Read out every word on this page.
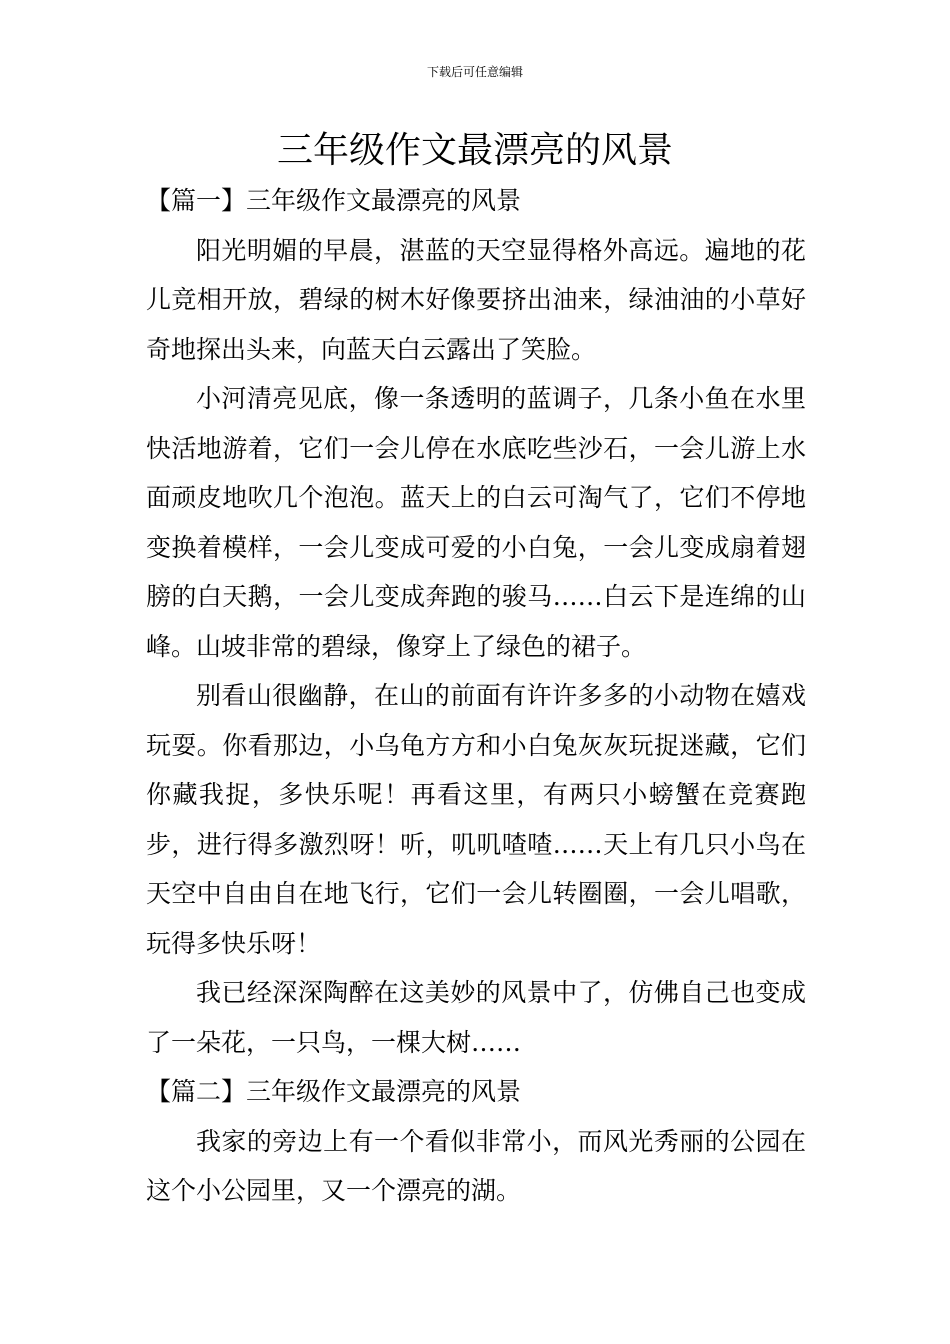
下载后可任意编辑
三年级作文最漂亮的风景

【篇一】三年级作文最漂亮的风景

阳光明媚的早晨，湛蓝的天空显得格外高远。遍地的花儿竞相开放，碧绿的树木好像要挤出油来，绿油油的小草好奇地探出头来，向蓝天白云露出了笑脸。

小河清亮见底，像一条透明的蓝调子，几条小鱼在水里快活地游着，它们一会儿停在水底吃些沙石，一会儿游上水面顽皮地吹几个泡泡。蓝天上的白云可淘气了，它们不停地变换着模样，一会儿变成可爱的小白兔，一会儿变成扇着翅膀的白天鹅，一会儿变成奔跑的骏马……白云下是连绵的山峰。山坡非常的碧绿，像穿上了绿色的裙子。

别看山很幽静，在山的前面有许许多多的小动物在嬉戏玩耍。你看那边，小乌龟方方和小白兔灰灰玩捉迷藏，它们你藏我捉，多快乐呢！再看这里，有两只小螃蟹在竞赛跑步，进行得多激烈呀！听，叽叽喳喳……天上有几只小鸟在天空中自由自在地飞行，它们一会儿转圈圈，一会儿唱歌，玩得多快乐呀！

我已经深深陶醉在这美妙的风景中了，仿佛自己也变成了一朵花，一只鸟，一棵大树……

【篇二】三年级作文最漂亮的风景

我家的旁边上有一个看似非常小，而风光秀丽的公园在这个小公园里，又一个漂亮的湖。
